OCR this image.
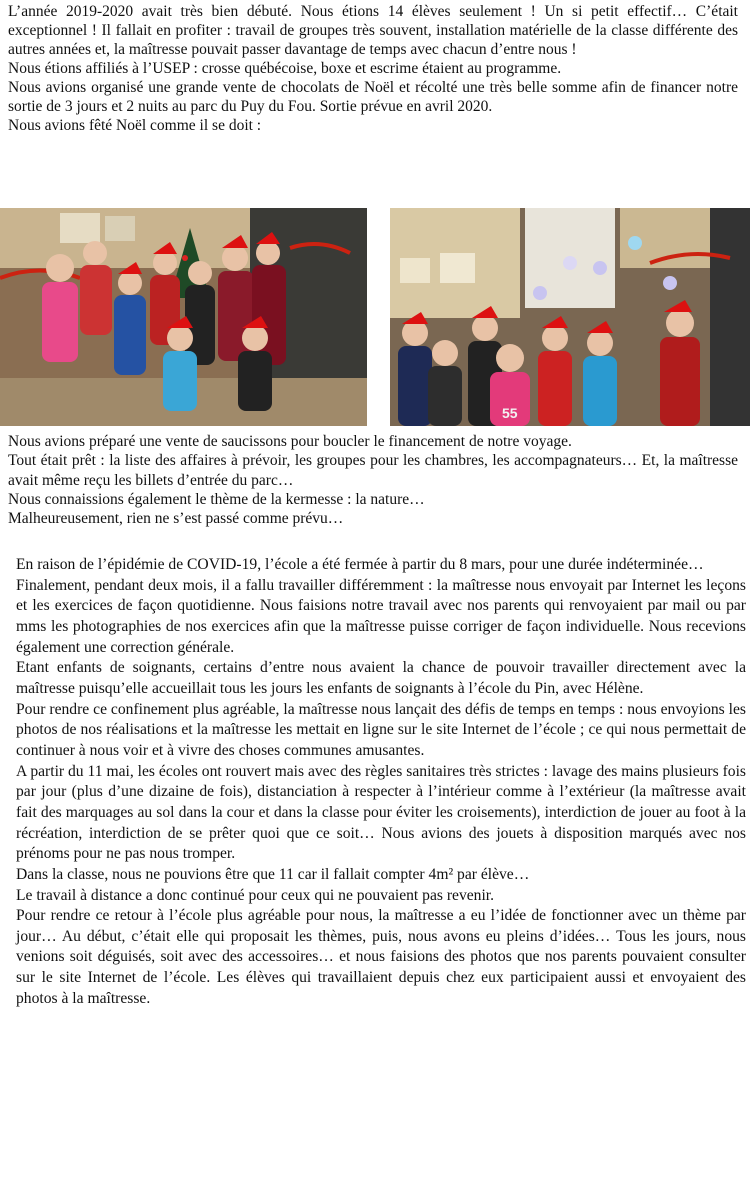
L’année 2019-2020 avait très bien débuté. Nous étions 14 élèves seulement ! Un si petit effectif… C’était exceptionnel ! Il fallait en profiter : travail de groupes très souvent, installation matérielle de la classe différente des autres années et, la maîtresse pouvait passer davantage de temps avec chacun d’entre nous !

Nous étions affiliés à l’USEP : crosse québécoise, boxe et escrime étaient au programme.

Nous avions organisé une grande vente de chocolats de Noël et récolté une très belle somme afin de financer notre sortie de 3 jours et 2 nuits au parc du Puy du Fou. Sortie prévue en avril 2020.

Nous avions fêté Noël comme il se doit :

55

Nous avions préparé une vente de saucissons pour boucler le financement de notre voyage.

Tout était prêt : la liste des affaires à prévoir, les groupes pour les chambres, les accompagnateurs… Et, la maîtresse avait même reçu les billets d’entrée du parc…

Nous connaissions également le thème de la kermesse : la nature…

Malheureusement, rien ne s’est passé comme prévu…

En raison de l’épidémie de COVID-19, l’école a été fermée à partir du 8 mars, pour une durée indéterminée…

Finalement, pendant deux mois, il a fallu travailler différemment : la maîtresse nous envoyait par Internet les leçons et les exercices de façon quotidienne. Nous faisions notre travail avec nos parents qui renvoyaient par mail ou par mms les photographies de nos exercices afin que la maîtresse puisse corriger de façon individuelle. Nous recevions également une correction générale.

Etant enfants de soignants, certains d’entre nous avaient la chance de pouvoir travailler directement avec la maîtresse puisqu’elle accueillait tous les jours les enfants de soignants à l’école du Pin, avec Hélène.

Pour rendre ce confinement plus agréable, la maîtresse nous lançait des défis de temps en temps : nous envoyions les photos de nos réalisations et la maîtresse les mettait en ligne sur le site Internet de l’école ; ce qui nous permettait de continuer à nous voir et à vivre des choses communes amusantes.

A partir du 11 mai, les écoles ont rouvert mais avec des règles sanitaires très strictes : lavage des mains plusieurs fois par jour (plus d’une dizaine de fois), distanciation à respecter à l’intérieur comme à l’extérieur (la maîtresse avait fait des marquages au sol dans la cour et dans la classe pour éviter les croisements), interdiction de jouer au foot à la récréation, interdiction de se prêter quoi que ce soit… Nous avions des jouets à disposition marqués avec nos prénoms pour ne pas nous tromper.

Dans la classe, nous ne pouvions être que 11 car il fallait compter 4m² par élève…

Le travail à distance a donc continué pour ceux qui ne pouvaient pas revenir.

Pour rendre ce retour à l’école plus agréable pour nous, la maîtresse a eu l’idée de fonctionner avec un thème par jour… Au début, c’était elle qui proposait les thèmes, puis, nous avons eu pleins d’idées… Tous les jours, nous venions soit déguisés, soit avec des accessoires… et nous faisions des photos que nos parents pouvaient consulter sur le site Internet de l’école. Les élèves qui travaillaient depuis chez eux participaient aussi et envoyaient des photos à la maîtresse.
